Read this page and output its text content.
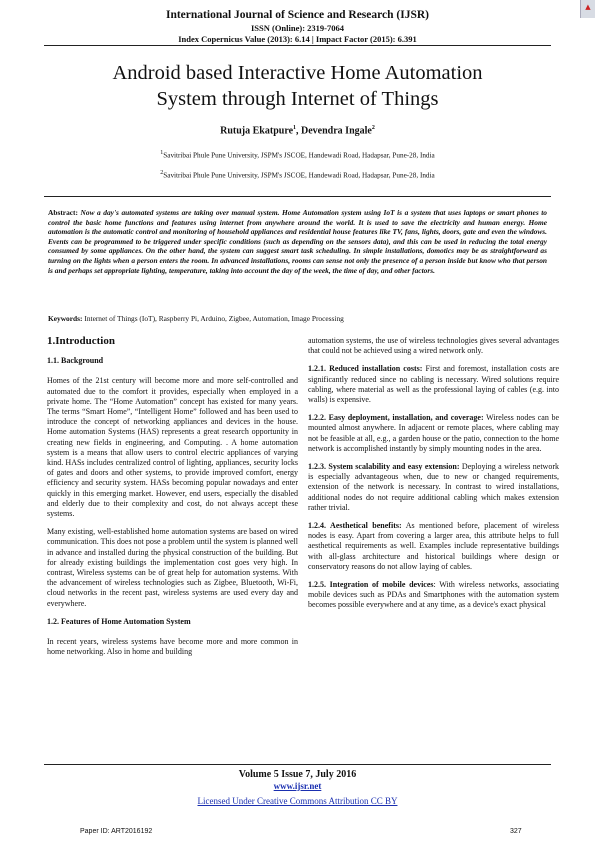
▲
International Journal of Science and Research (IJSR)
ISSN (Online): 2319-7064
Index Copernicus Value (2013): 6.14 | Impact Factor (2015): 6.391
Android based Interactive Home Automation
System through Internet of Things
Rutuja Ekatpure$^1$, Devendra Ingale$^2$
$^1$Savitribai Phule Pune University, JSPM's JSCOE, Handewadi Road, Hadapsar, Pune-28, India
$^2$Savitribai Phule Pune University, JSPM's JSCOE, Handewadi Road, Hadapsar, Pune-28, India
Abstract: Now a day's automated systems are taking over manual system. Home Automation system using IoT is a system that uses laptops or smart phones to control the basic home functions and features using internet from anywhere around the world. It is used to save the electricity and human energy. Home automation is the automatic control and monitoring of household appliances and residential house features like TV, fans, lights, doors, gate and even the windows. Events can be programmed to be triggered under specific conditions (such as depending on the sensors data), and this can be used in reducing the total energy consumed by some appliances. On the other hand, the system can suggest smart task scheduling. In simple installations, domotics may be as straightforward as turning on the lights when a person enters the room. In advanced installations, rooms can sense not only the presence of a person inside but know who that person is and perhaps set appropriate lighting, temperature, taking into account the day of the week, the time of day, and other factors.
Keywords: Internet of Things (IoT), Raspberry Pi, Arduino, Zigbee, Automation, Image Processing

1.Introduction

1.1. Background

Homes of the 21st century will become more and more self-controlled and automated due to the comfort it provides, especially when employed in a private home. The “Home Automation” concept has existed for many years. The terms “Smart Home”, “Intelligent Home” followed and has been used to introduce the concept of networking appliances and devices in the house. Home automation Systems (HAS) represents a great research opportunity in creating new fields in engineering, and Computing. . A home automation system is a means that allow users to control electric appliances of varying kind. HASs includes centralized control of lighting, appliances, security locks of gates and doors and other systems, to provide improved comfort, energy efficiency and security system. HASs becoming popular nowadays and enter quickly in this emerging market. However, end users, especially the disabled and elderly due to their complexity and cost, do not always accept these systems.

Many existing, well-established home automation systems are based on wired communication. This does not pose a problem until the system is planned well in advance and installed during the physical construction of the building. But for already existing buildings the implementation cost goes very high. In contrast, Wireless systems can be of great help for automation systems. With the advancement of wireless technologies such as Zigbee, Bluetooth, Wi-Fi, cloud networks in the recent past, wireless systems are used every day and everywhere.

1.2. Features of Home Automation System

In recent years, wireless systems have become more and more common in home networking. Also in home and building

automation systems, the use of wireless technologies gives several advantages that could not be achieved using a wired network only.

1.2.1. Reduced installation costs: First and foremost, installation costs are significantly reduced since no cabling is necessary. Wired solutions require cabling, where material as well as the professional laying of cables (e.g. into walls) is expensive.

1.2.2. Easy deployment, installation, and coverage: Wireless nodes can be mounted almost anywhere. In adjacent or remote places, where cabling may not be feasible at all, e.g., a garden house or the patio, connection to the home network is accomplished instantly by simply mounting nodes in the area.

1.2.3. System scalability and easy extension: Deploying a wireless network is especially advantageous when, due to new or changed requirements, extension of the network is necessary. In contrast to wired installations, additional nodes do not require additional cabling which makes extension rather trivial.

1.2.4. Aesthetical benefits: As mentioned before, placement of wireless nodes is easy. Apart from covering a larger area, this attribute helps to full aesthetical requirements as well. Examples include representative buildings with all-glass architecture and historical buildings where design or conservatory reasons do not allow laying of cables.

1.2.5. Integration of mobile devices: With wireless networks, associating mobile devices such as PDAs and Smartphones with the automation system becomes possible everywhere and at any time, as a device's exact physical

Volume 5 Issue 7, July 2016
www.ijsr.net
Licensed Under Creative Commons Attribution CC BY
Paper ID: ART2016192	327
